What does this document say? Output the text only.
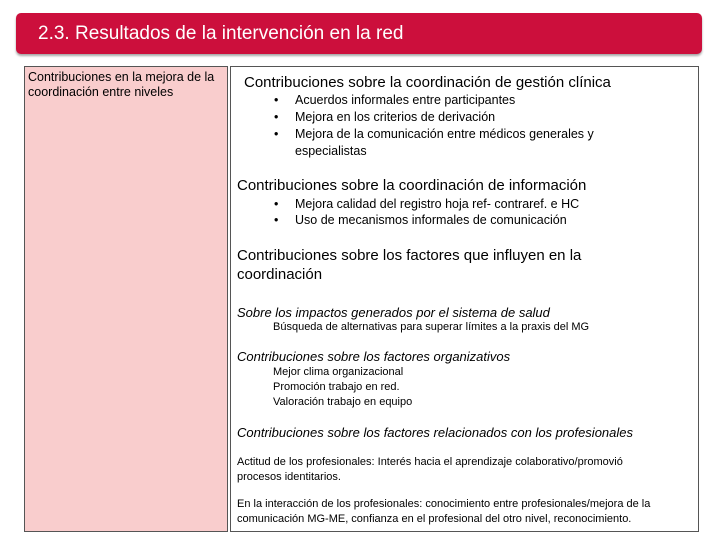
2.3. Resultados de la intervención en la red
Contribuciones en la mejora de la coordinación entre niveles
Contribuciones sobre la coordinación de gestión clínica
• Acuerdos informales entre participantes
• Mejora en los criterios de derivación
• Mejora de la comunicación entre médicos generales y
especialistas
Contribuciones sobre la coordinación de información
• Mejora calidad del registro hoja ref- contraref. e HC
• Uso de mecanismos informales de comunicación
Contribuciones sobre los factores que influyen en la coordinación
Sobre los impactos generados por el sistema de salud
Búsqueda de alternativas para superar límites a la praxis del MG
Contribuciones sobre los factores organizativos
Mejor clima organizacional
Promoción trabajo en red.
Valoración trabajo en equipo
Contribuciones sobre los factores relacionados con los profesionales
Actitud de los profesionales: Interés hacia el aprendizaje colaborativo/promovió procesos identitarios.
En la interacción de los profesionales: conocimiento entre profesionales/mejora de la comunicación MG-ME, confianza en el profesional del otro nivel, reconocimiento.
